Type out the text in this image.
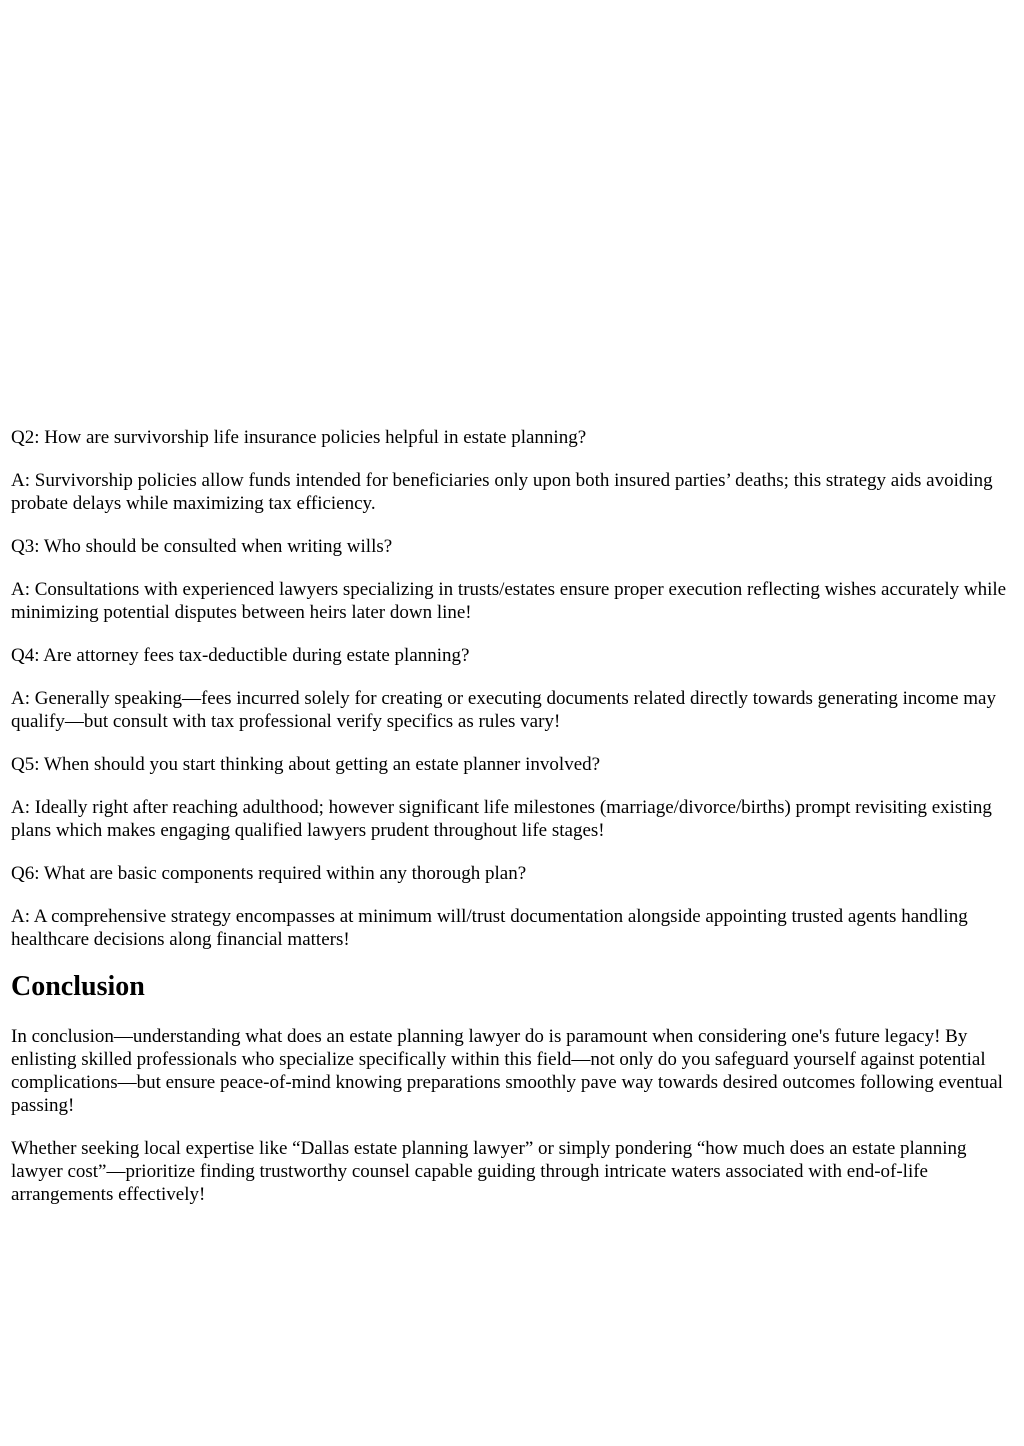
Q2: How are survivorship life insurance policies helpful in estate planning?

A: Survivorship policies allow funds intended for beneficiaries only upon both insured parties’ deaths; this strategy aids avoiding probate delays while maximizing tax efficiency.

Q3: Who should be consulted when writing wills?

A: Consultations with experienced lawyers specializing in trusts/estates ensure proper execution reflecting wishes accurately while minimizing potential disputes between heirs later down line!

Q4: Are attorney fees tax-deductible during estate planning?

A: Generally speaking—fees incurred solely for creating or executing documents related directly towards generating income may qualify—but consult with tax professional verify specifics as rules vary!

Q5: When should you start thinking about getting an estate planner involved?

A: Ideally right after reaching adulthood; however significant life milestones (marriage/divorce/births) prompt revisiting existing plans which makes engaging qualified lawyers prudent throughout life stages!

Q6: What are basic components required within any thorough plan?

A: A comprehensive strategy encompasses at minimum will/trust documentation alongside appointing trusted agents handling healthcare decisions along financial matters!

Conclusion

In conclusion—understanding what does an estate planning lawyer do is paramount when considering one's future legacy! By enlisting skilled professionals who specialize specifically within this field—not only do you safeguard yourself against potential complications—but ensure peace-of-mind knowing preparations smoothly pave way towards desired outcomes following eventual passing!

Whether seeking local expertise like “Dallas estate planning lawyer” or simply pondering “how much does an estate planning lawyer cost”—prioritize finding trustworthy counsel capable guiding through intricate waters associated with end-of-life arrangements effectively!
